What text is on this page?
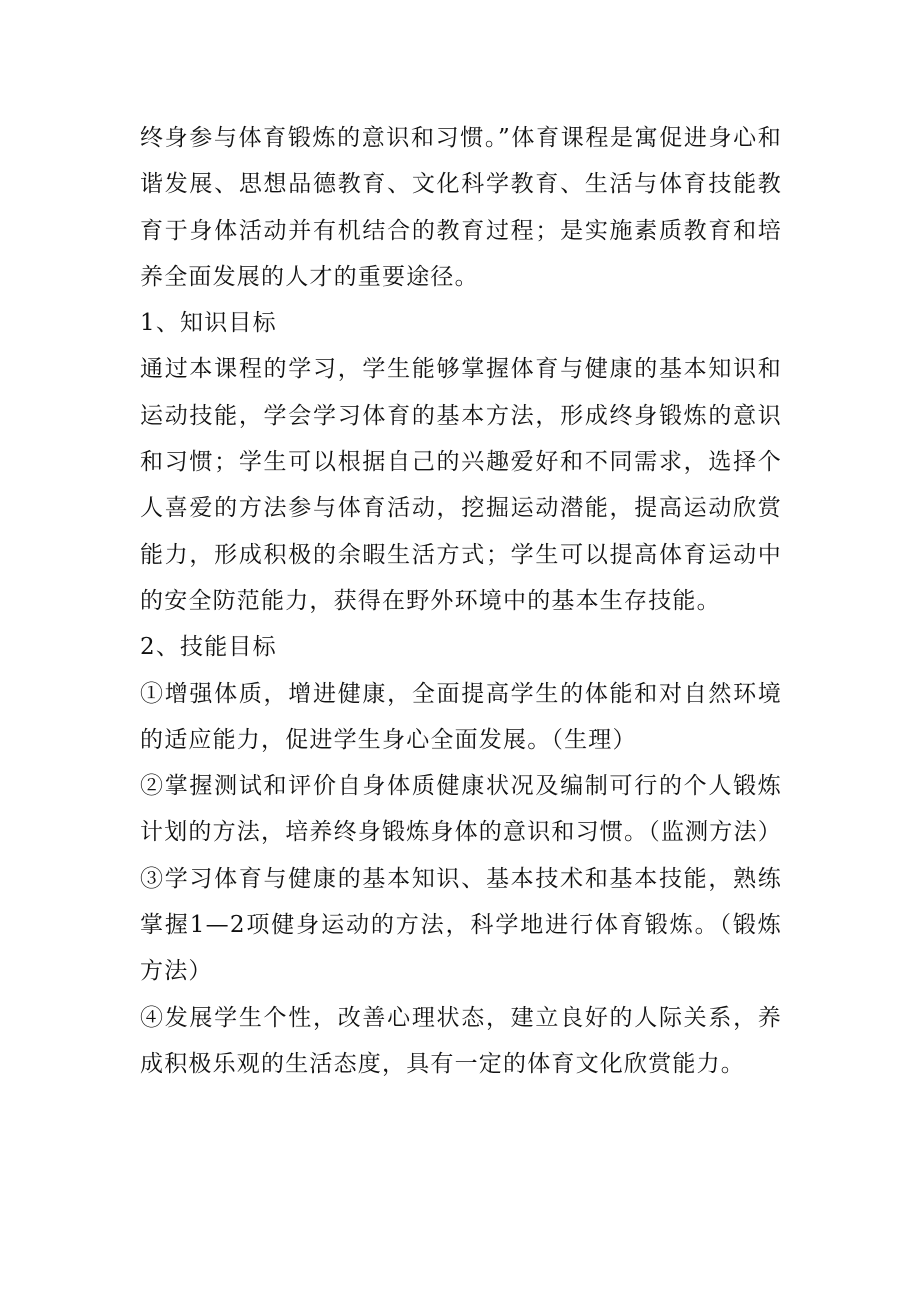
终身参与体育锻炼的意识和习惯。”体育课程是寓促进身心和谐发展、思想品德教育、文化科学教育、生活与体育技能教育于身体活动并有机结合的教育过程；是实施素质教育和培养全面发展的人才的重要途径。

1、知识目标

通过本课程的学习，学生能够掌握体育与健康的基本知识和运动技能，学会学习体育的基本方法，形成终身锻炼的意识和习惯；学生可以根据自己的兴趣爱好和不同需求，选择个人喜爱的方法参与体育活动，挖掘运动潜能，提高运动欣赏能力，形成积极的余暇生活方式；学生可以提高体育运动中的安全防范能力，获得在野外环境中的基本生存技能。

2、技能目标

①增强体质，增进健康，全面提高学生的体能和对自然环境的适应能力，促进学生身心全面发展。（生理）

②掌握测试和评价自身体质健康状况及编制可行的个人锻炼计划的方法，培养终身锻炼身体的意识和习惯。（监测方法）

③学习体育与健康的基本知识、基本技术和基本技能，熟练掌握1—2项健身运动的方法，科学地进行体育锻炼。（锻炼方法）

④发展学生个性，改善心理状态，建立良好的人际关系，养成积极乐观的生活态度，具有一定的体育文化欣赏能力。
